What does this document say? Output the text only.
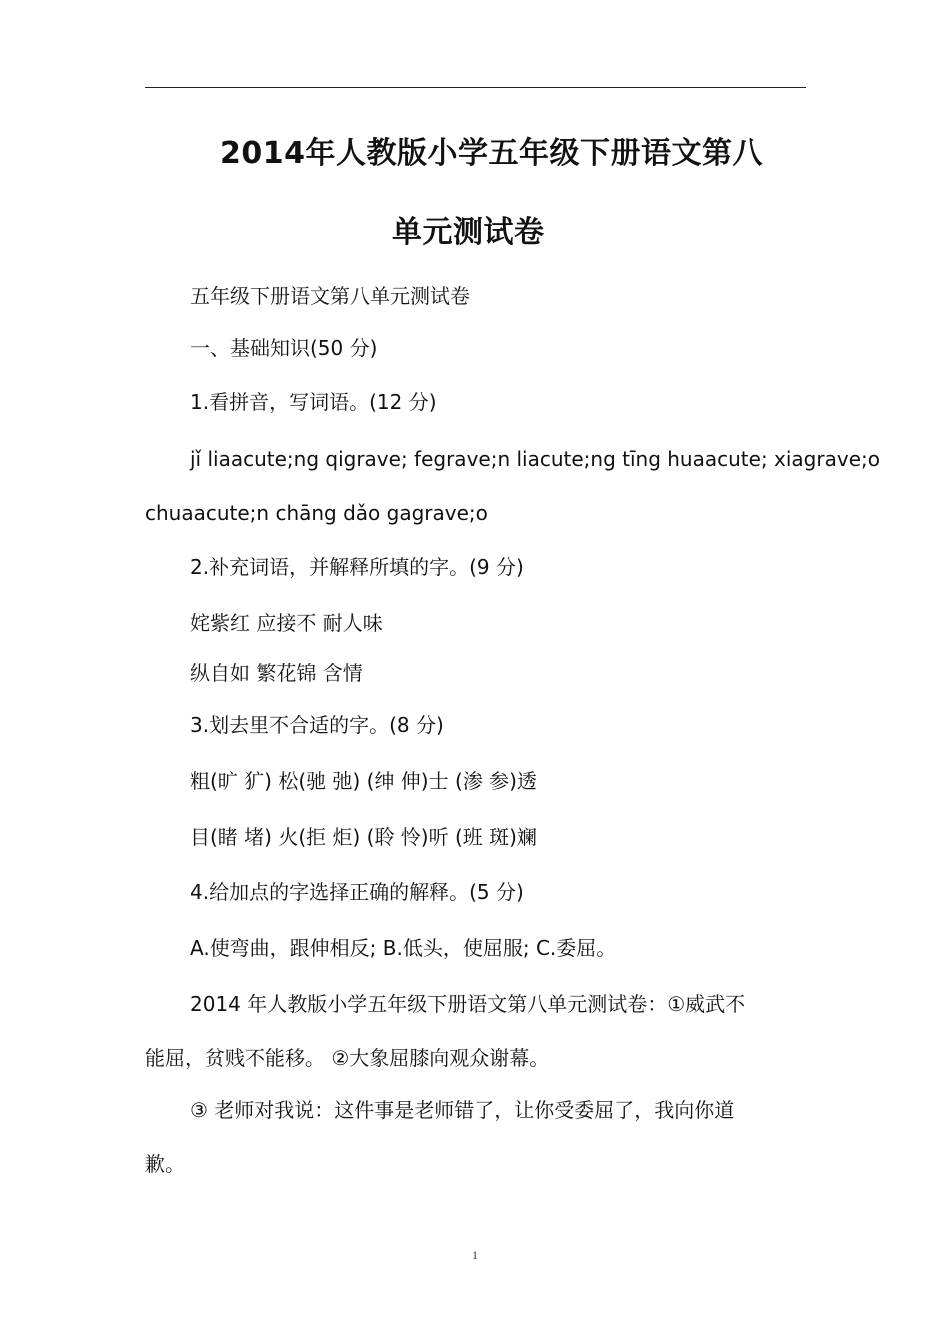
2014年人教版小学五年级下册语文第八
单元测试卷
五年级下册语文第八单元测试卷
一、基础知识(50 分)
1.看拼音，写词语。(12 分)
jǐ liaacute;ng qigrave; fegrave;n liacute;ng tīng huaacute; xiagrave;o
chuaacute;n chāng dǎo gagrave;o
2.补充词语，并解释所填的字。(9 分)
姹紫红 应接不 耐人味
纵自如 繁花锦 含情
3.划去里不合适的字。(8 分)
粗(旷 犷) 松(驰 弛) (绅 伸)士 (渗 参)透
目(睹 堵) 火(拒 炬) (聆 怜)听 (班 斑)斓
4.给加点的字选择正确的解释。(5 分)
A.使弯曲，跟伸相反; B.低头，使屈服; C.委屈。
2014 年人教版小学五年级下册语文第八单元测试卷：①威武不
能屈，贫贱不能移。 ②大象屈膝向观众谢幕。
③ 老师对我说：这件事是老师错了，让你受委屈了，我向你道
歉。
1
